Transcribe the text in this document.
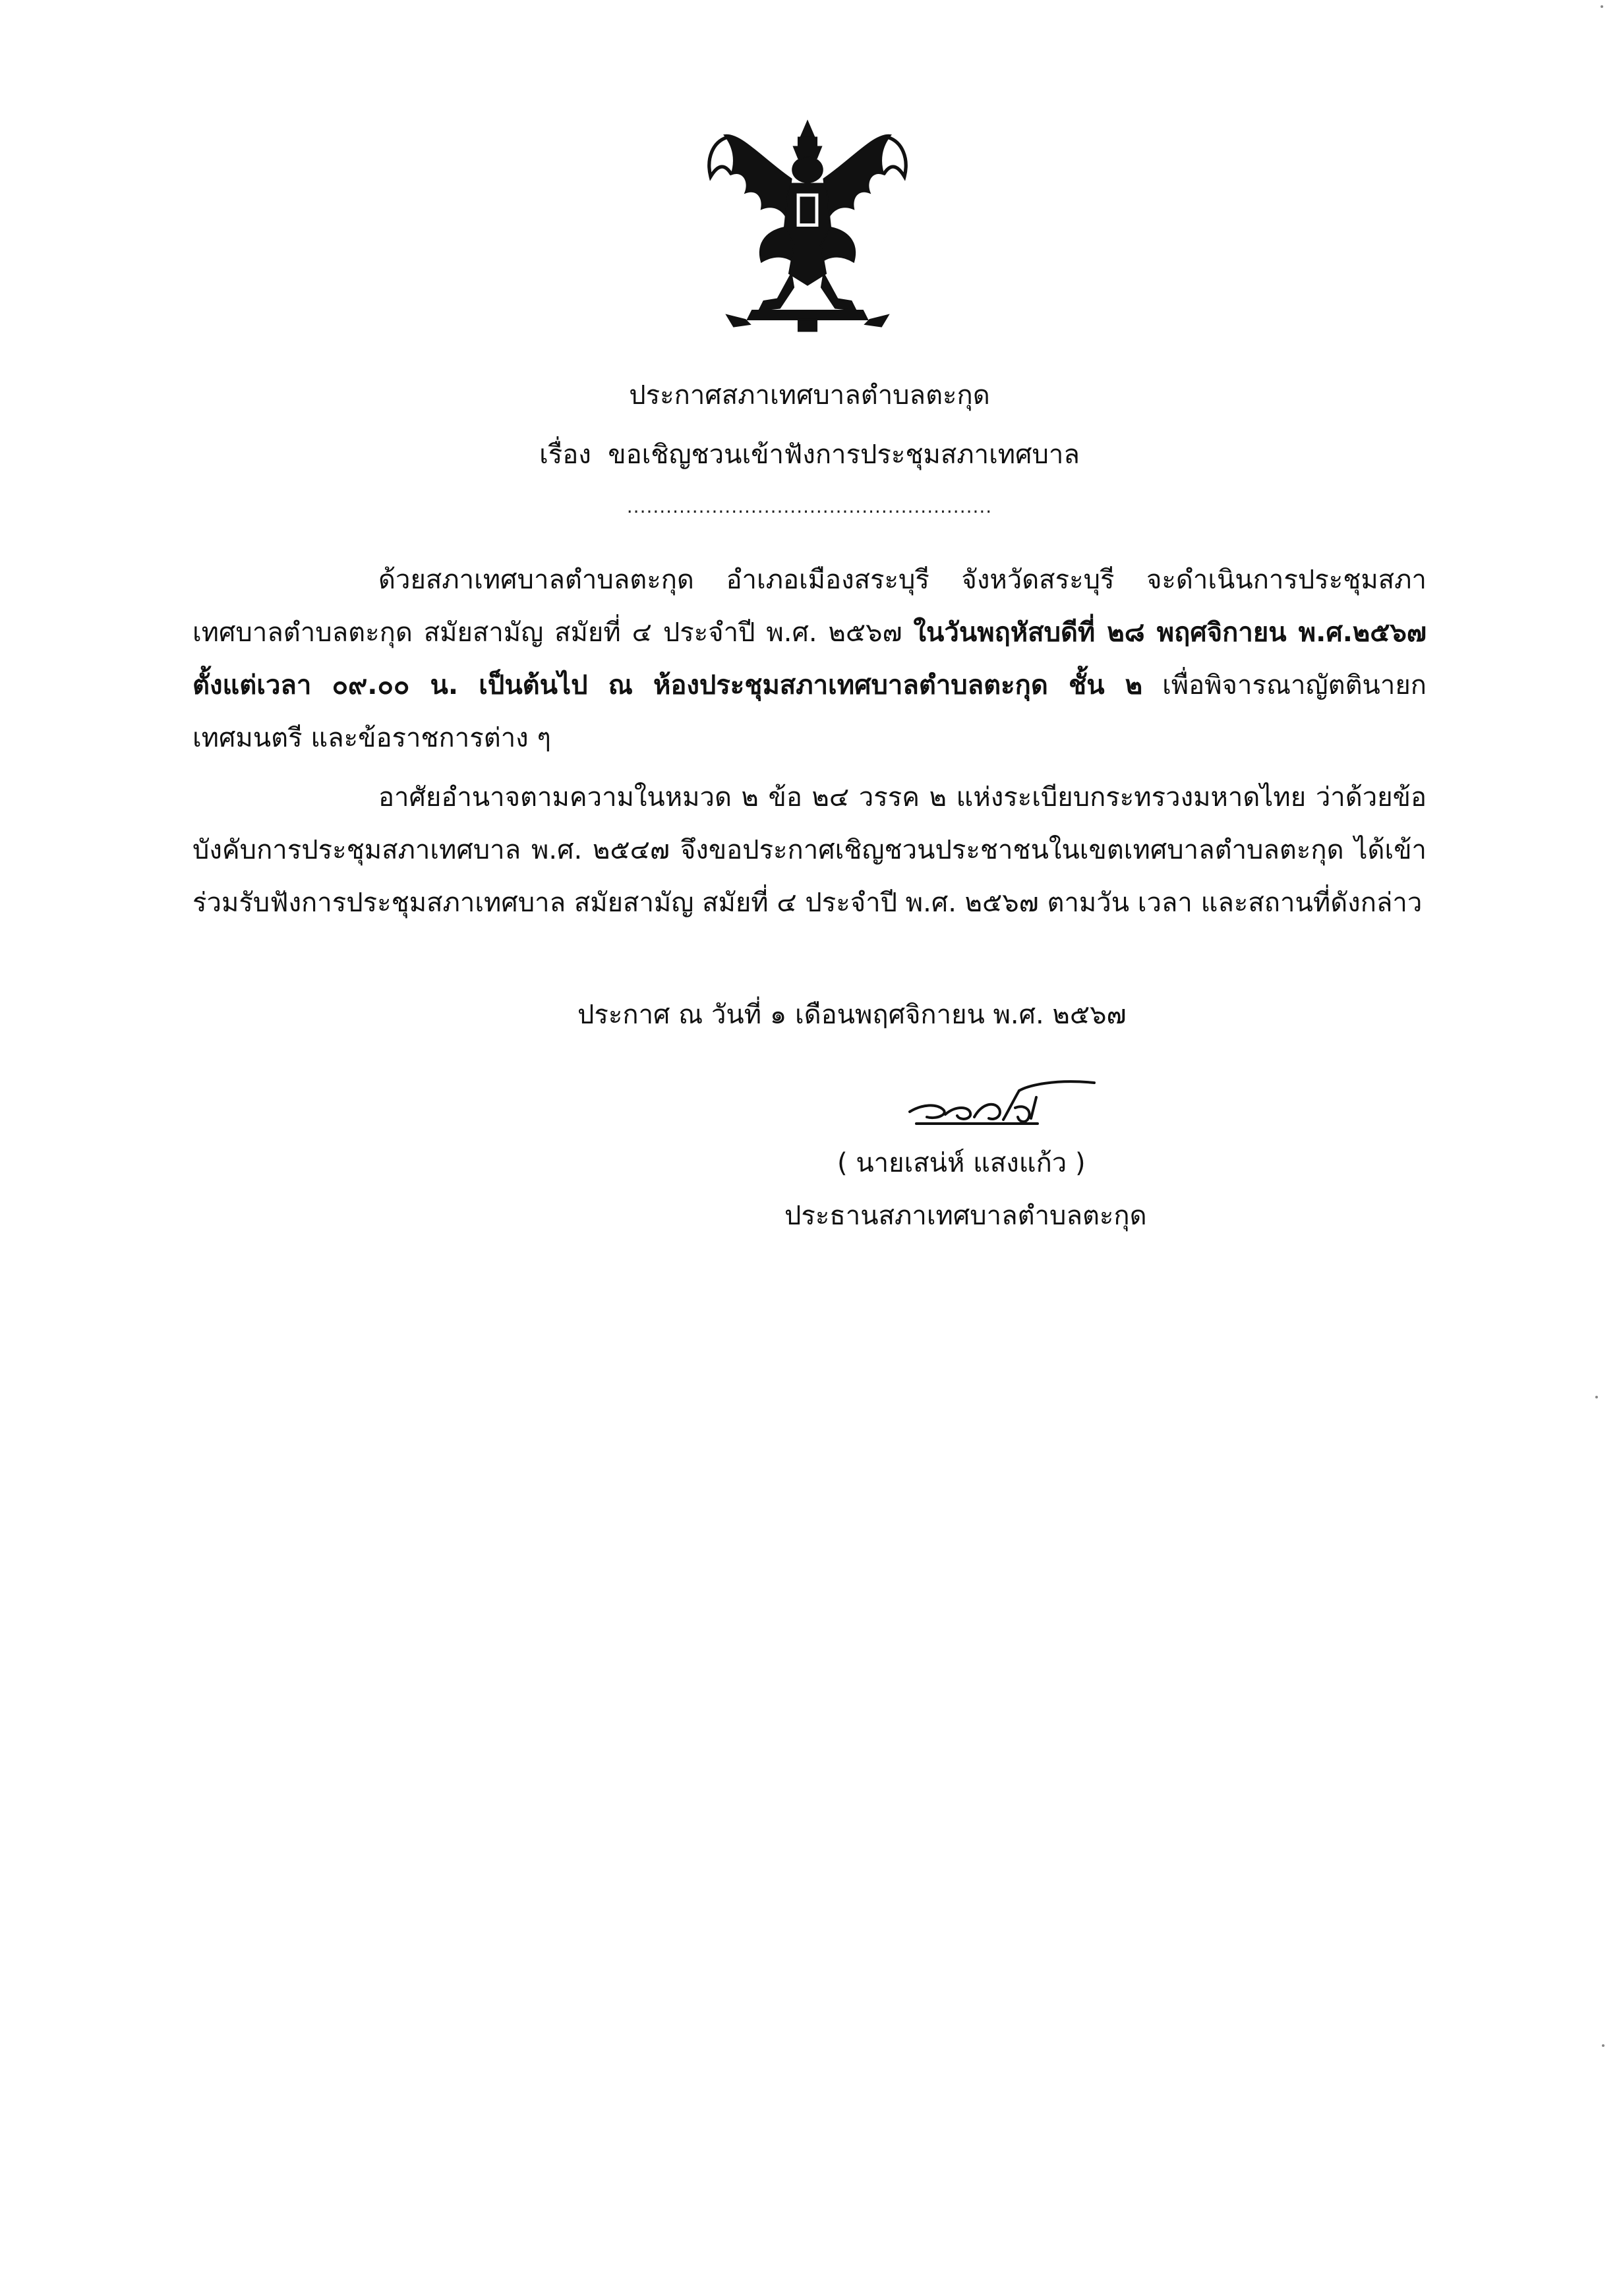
ประกาศสภาเทศบาลตำบลตะกุด
เรื่อง ขอเชิญชวนเข้าฟังการประชุมสภาเทศบาล
........................................................
ด้วยสภาเทศบาลตำบลตะกุด อำเภอเมืองสระบุรี จังหวัดสระบุรี จะดำเนินการประชุมสภาเทศบาลตำบลตะกุด สมัยสามัญ สมัยที่ ๔ ประจำปี พ.ศ. ๒๕๖๗ ในวันพฤหัสบดีที่ ๒๘ พฤศจิกายน พ.ศ.๒๕๖๗ ตั้งแต่เวลา ๐๙.๐๐ น. เป็นต้นไป ณ ห้องประชุมสภาเทศบาลตำบลตะกุด ชั้น ๒ เพื่อพิจารณาญัตตินายกเทศมนตรี และข้อราชการต่าง ๆ
อาศัยอำนาจตามความในหมวด ๒ ข้อ ๒๔ วรรค ๒ แห่งระเบียบกระทรวงมหาดไทย ว่าด้วยข้อบังคับการประชุมสภาเทศบาล พ.ศ. ๒๕๔๗ จึงขอประกาศเชิญชวนประชาชนในเขตเทศบาลตำบลตะกุด ได้เข้าร่วมรับฟังการประชุมสภาเทศบาล สมัยสามัญ สมัยที่ ๔ ประจำปี พ.ศ. ๒๕๖๗ ตามวัน เวลา และสถานที่ดังกล่าว
ประกาศ ณ วันที่ ๑ เดือนพฤศจิกายน พ.ศ. ๒๕๖๗
( นายเสน่ห์ แสงแก้ว )
ประธานสภาเทศบาลตำบลตะกุด
